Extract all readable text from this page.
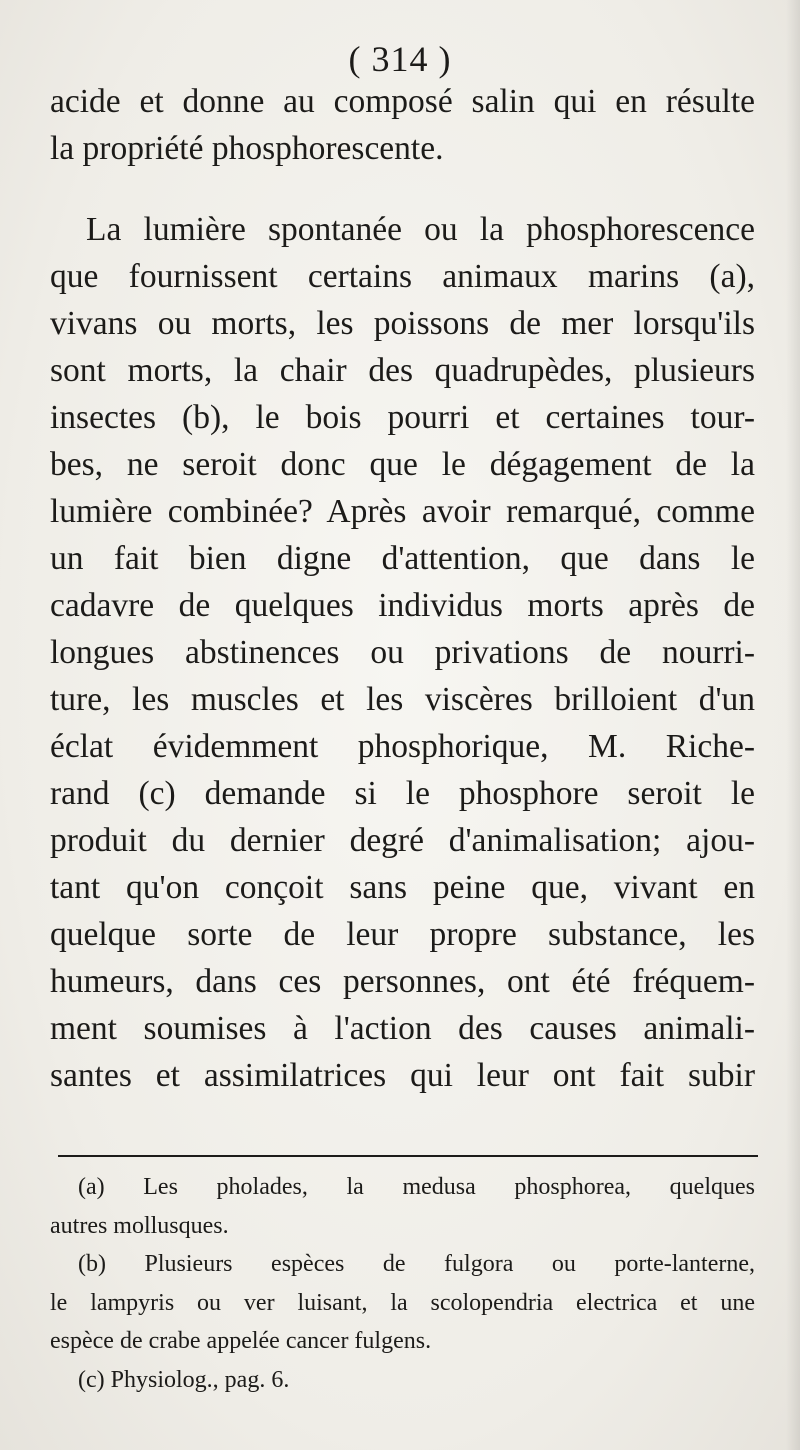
( 314 )
acide et donne au composé salin qui en résulte
la propriété phosphorescente.
La lumière spontanée ou la phosphorescence
que fournissent certains animaux marins (a),
vivans ou morts, les poissons de mer lorsqu'ils
sont morts, la chair des quadrupèdes, plusieurs
insectes (b), le bois pourri et certaines tour-
bes, ne seroit donc que le dégagement de la
lumière combinée? Après avoir remarqué, comme
un fait bien digne d'attention, que dans le
cadavre de quelques individus morts après de
longues abstinences ou privations de nourri-
ture, les muscles et les viscères brilloient d'un
éclat évidemment phosphorique, M. Riche-
rand (c) demande si le phosphore seroit le
produit du dernier degré d'animalisation; ajou-
tant qu'on conçoit sans peine que, vivant en
quelque sorte de leur propre substance, les
humeurs, dans ces personnes, ont été fréquem-
ment soumises à l'action des causes animali-
santes et assimilatrices qui leur ont fait subir
(a) Les pholades, la medusa phosphorea, quelques
autres mollusques.
(b) Plusieurs espèces de fulgora ou porte-lanterne,
le lampyris ou ver luisant, la scolopendria electrica et une
espèce de crabe appelée cancer fulgens.
(c) Physiolog., pag. 6.
